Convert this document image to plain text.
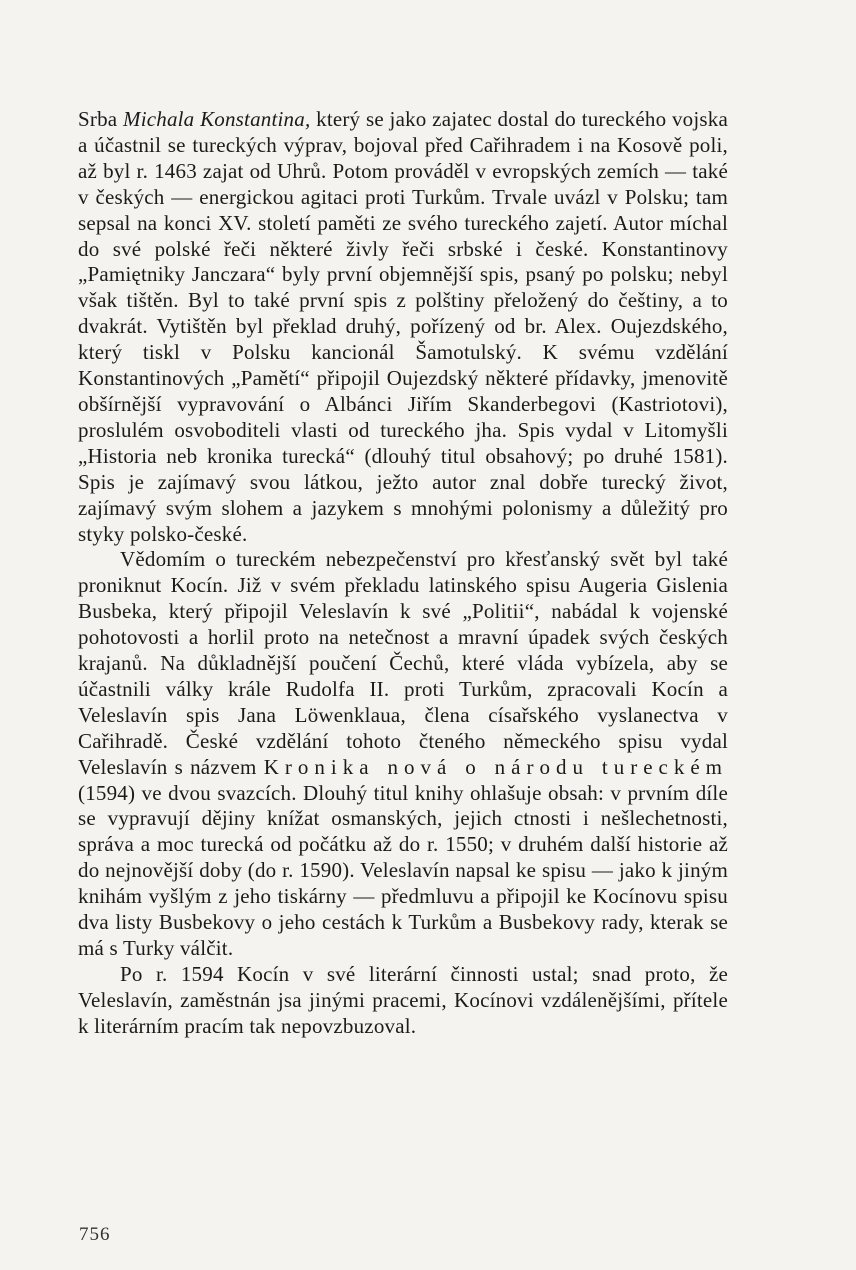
Srba Michala Konstantina, který se jako zajatec dostal do tureckého vojska a účastnil se tureckých výprav, bojoval před Cařihradem i na Kosově poli, až byl r. 1463 zajat od Uhrů. Potom prováděl v evropských zemích — také v českých — energickou agitaci proti Turkům. Trvale uvázl v Polsku; tam sepsal na konci XV. století paměti ze svého tureckého zajetí. Autor míchal do své polské řeči některé živly řeči srbské i české. Konstantinovy „Pamiętniky Janczara“ byly první objemnější spis, psaný po polsku; nebyl však tištěn. Byl to také první spis z polštiny přeložený do češtiny, a to dvakrát. Vytištěn byl překlad druhý, pořízený od br. Alex. Oujezdského, který tiskl v Polsku kancionál Šamotulský. K svému vzdělání Konstantinových „Pamětí“ připojil Oujezdský některé přídavky, jmenovitě obšírnější vypravování o Albánci Jiřím Skanderbegovi (Kastriotovi), proslulém osvoboditeli vlasti od tureckého jha. Spis vydal v Litomyšli „Historia neb kronika turecká“ (dlouhý titul obsahový; po druhé 1581). Spis je zajímavý svou látkou, ježto autor znal dobře turecký život, zajímavý svým slohem a jazykem s mnohými polonismy a důležitý pro styky polsko-české.

Vědomím o tureckém nebezpečenství pro křesťanský svět byl také proniknut Kocín. Již v svém překladu latinského spisu Augeria Gislenia Busbeka, který připojil Veleslavín k své „Politii“, nabádal k vojenské pohotovosti a horlil proto na netečnost a mravní úpadek svých českých krajanů. Na důkladnější poučení Čechů, které vláda vybízela, aby se účastnili války krále Rudolfa II. proti Turkům, zpracovali Kocín a Veleslavín spis Jana Löwenklaua, člena císařského vyslanectva v Cařihradě. České vzdělání tohoto čteného německého spisu vydal Veleslavín s názvem Kronika nová o národu tureckém (1594) ve dvou svazcích. Dlouhý titul knihy ohlašuje obsah: v prvním díle se vypravují dějiny knížat osmanských, jejich ctnosti i nešlechetnosti, správa a moc turecká od počátku až do r. 1550; v druhém další historie až do nejnovější doby (do r. 1590). Veleslavín napsal ke spisu — jako k jiným knihám vyšlým z jeho tiskárny — předmluvu a připojil ke Kocínovu spisu dva listy Busbekovy o jeho cestách k Turkům a Busbekovy rady, kterak se má s Turky válčit.

Po r. 1594 Kocín v své literární činnosti ustal; snad proto, že Veleslavín, zaměstnán jsa jinými pracemi, Kocínovi vzdálenějšími, přítele k literárním pracím tak nepovzbuzoval.

756
